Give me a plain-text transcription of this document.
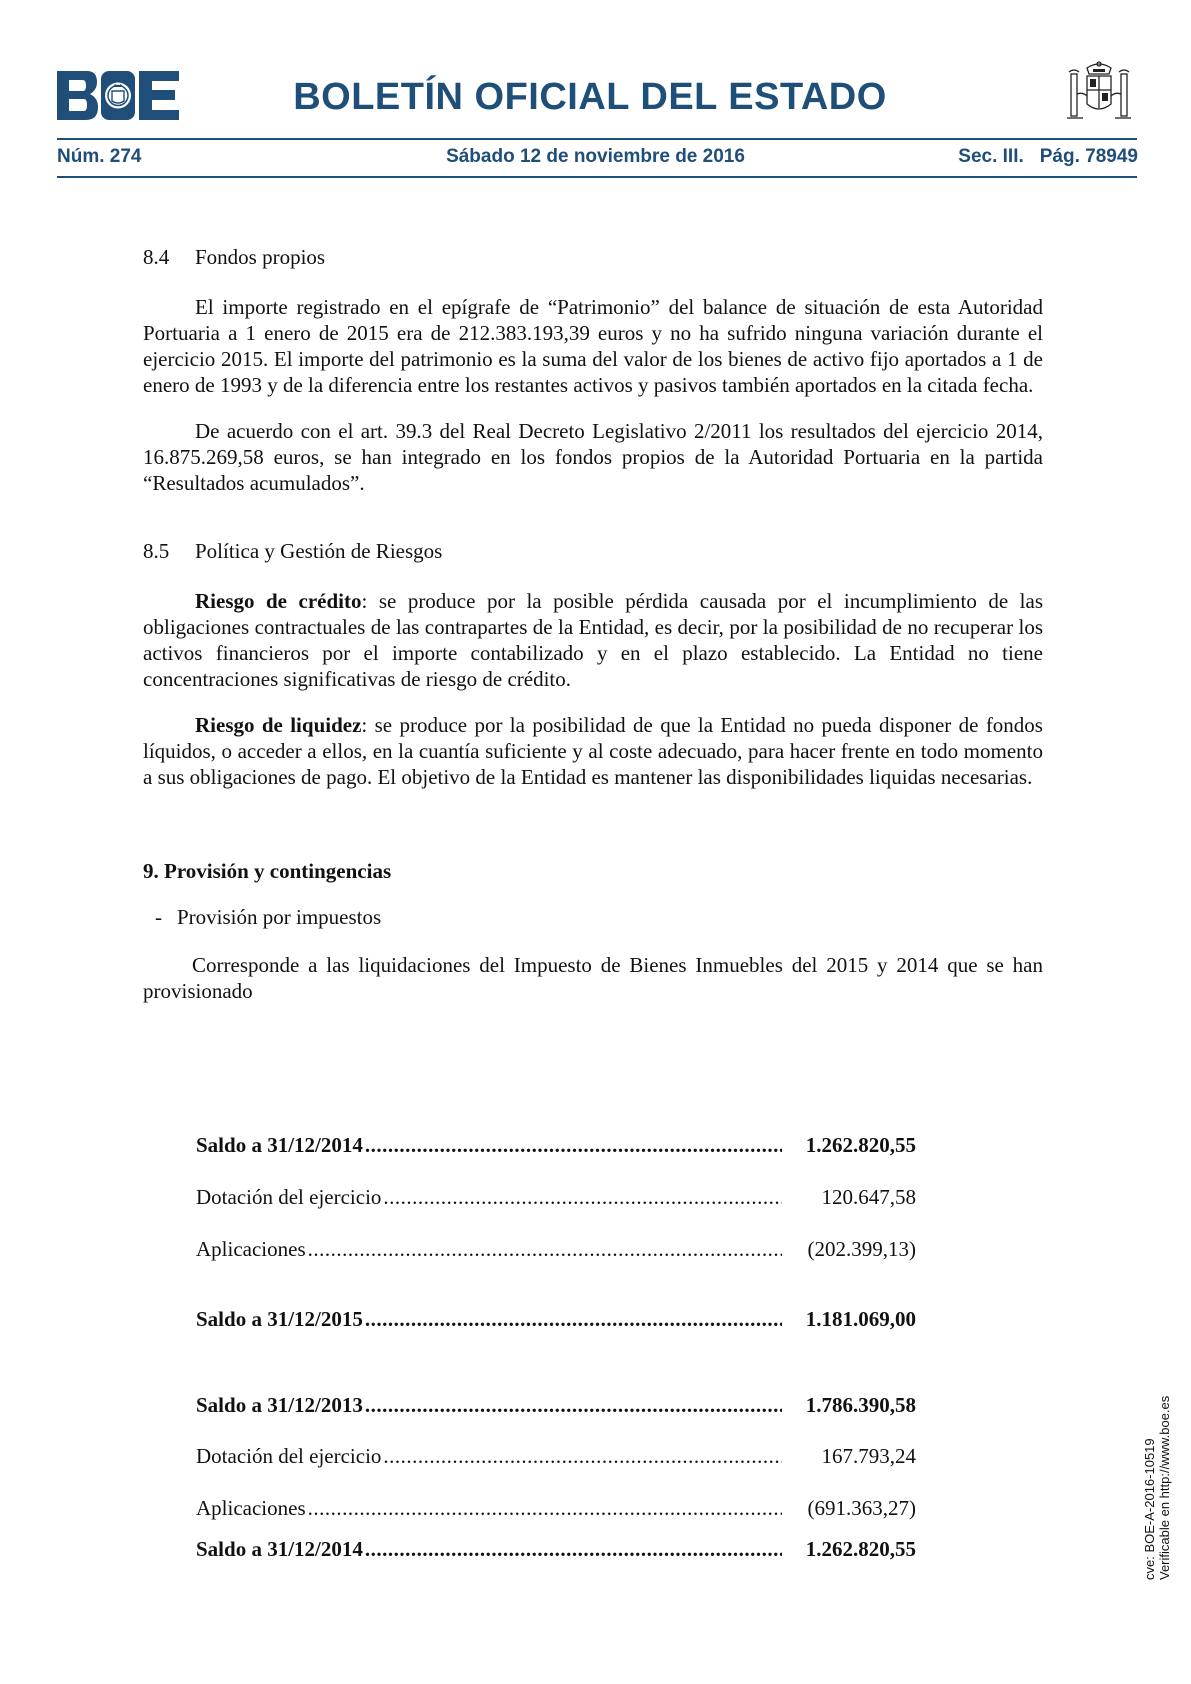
BOLETÍN OFICIAL DEL ESTADO
Núm. 274	Sábado 12 de noviembre de 2016	Sec. III. Pág. 78949
8.4	Fondos propios

El importe registrado en el epígrafe de “Patrimonio” del balance de situación de esta Autoridad Portuaria a 1 enero de 2015 era de 212.383.193,39 euros y no ha sufrido ninguna variación durante el ejercicio 2015. El importe del patrimonio es la suma del valor de los bienes de activo fijo aportados a 1 de enero de 1993 y de la diferencia entre los restantes activos y pasivos también aportados en la citada fecha.

De acuerdo con el art. 39.3 del Real Decreto Legislativo 2/2011 los resultados del ejercicio 2014, 16.875.269,58 euros, se han integrado en los fondos propios de la Autoridad Portuaria en la partida “Resultados acumulados”.

8.5	Política y Gestión de Riesgos

Riesgo de crédito: se produce por la posible pérdida causada por el incumplimiento de las obligaciones contractuales de las contrapartes de la Entidad, es decir, por la posibilidad de no recuperar los activos financieros por el importe contabilizado y en el plazo establecido. La Entidad no tiene concentraciones significativas de riesgo de crédito.

Riesgo de liquidez: se produce por la posibilidad de que la Entidad no pueda disponer de fondos líquidos, o acceder a ellos, en la cuantía suficiente y al coste adecuado, para hacer frente en todo momento a sus obligaciones de pago. El objetivo de la Entidad es mantener las disponibilidades liquidas necesarias.

9. Provisión y contingencias

- Provisión por impuestos

Corresponde a las liquidaciones del Impuesto de Bienes Inmuebles del 2015 y 2014 que se han provisionado

Saldo a 31/12/2014 .....	1.262.820,55
Dotación del ejercicio .....	120.647,58
Aplicaciones .....	(202.399,13)
Saldo a 31/12/2015 .....	1.181.069,00
Saldo a 31/12/2013 .....	1.786.390,58
Dotación del ejercicio .....	167.793,24
Aplicaciones .....	(691.363,27)
Saldo a 31/12/2014 .....	1.262.820,55	cve: BOE-A-2016-10519 Verificable en http://www.boe.es
